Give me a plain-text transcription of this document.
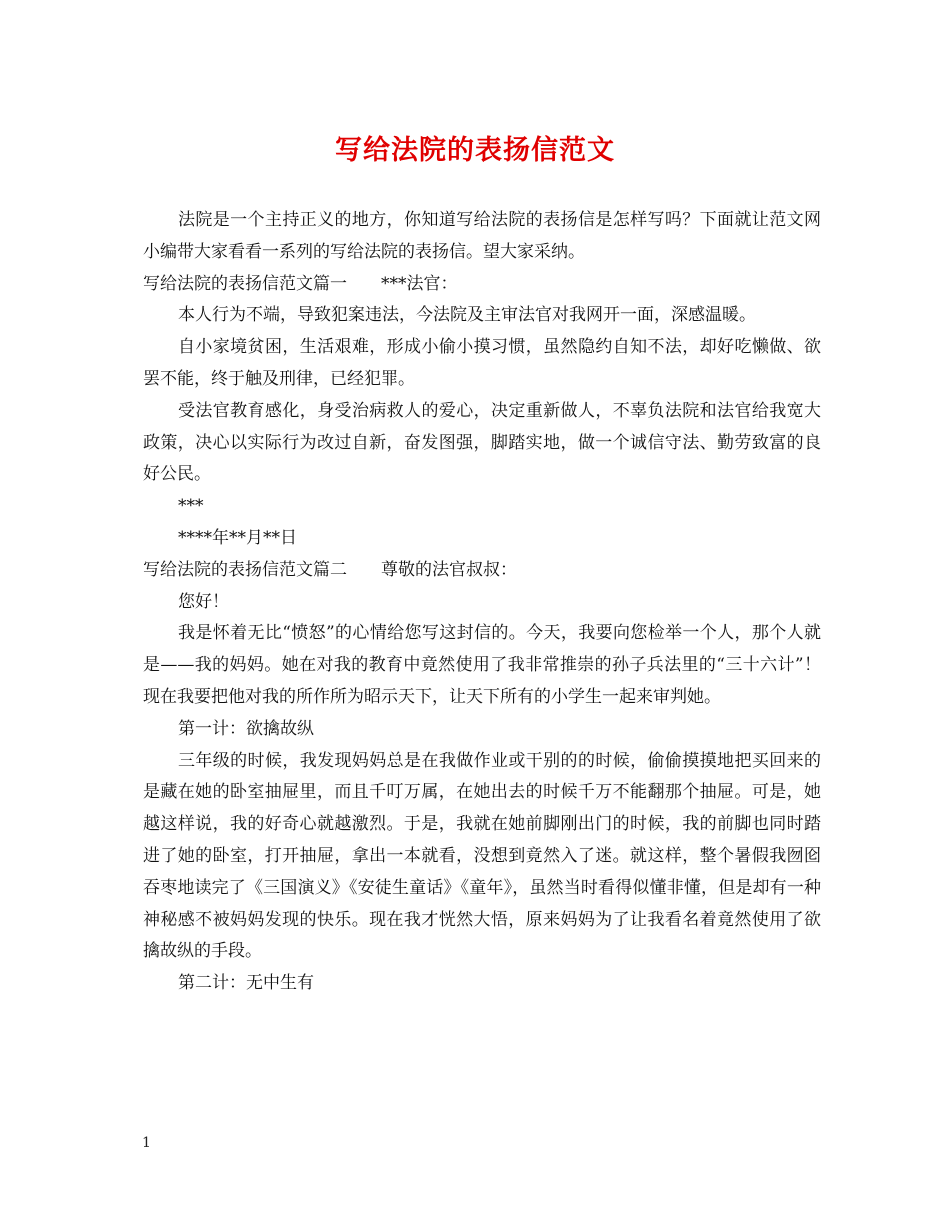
写给法院的表扬信范文

法院是一个主持正义的地方，你知道写给法院的表扬信是怎样写吗？下面就让范文网小编带大家看看一系列的写给法院的表扬信。望大家采纳。

写给法院的表扬信范文篇一　　***法官：

本人行为不端，导致犯案违法，今法院及主审法官对我网开一面，深感温暖。

自小家境贫困，生活艰难，形成小偷小摸习惯，虽然隐约自知不法，却好吃懒做、欲罢不能，终于触及刑律，已经犯罪。

受法官教育感化，身受治病救人的爱心，决定重新做人，不辜负法院和法官给我宽大政策，决心以实际行为改过自新，奋发图强，脚踏实地，做一个诚信守法、勤劳致富的良好公民。

***

****年**月**日

写给法院的表扬信范文篇二　　尊敬的法官叔叔：

您好！

我是怀着无比“愤怒”的心情给您写这封信的。今天，我要向您检举一个人，那个人就是——我的妈妈。她在对我的教育中竟然使用了我非常推崇的孙子兵法里的“三十六计”！现在我要把他对我的所作所为昭示天下，让天下所有的小学生一起来审判她。

第一计：欲擒故纵

三年级的时候，我发现妈妈总是在我做作业或干别的的时候，偷偷摸摸地把买回来的是藏在她的卧室抽屉里，而且千叮万属，在她出去的时候千万不能翻那个抽屉。可是，她越这样说，我的好奇心就越激烈。于是，我就在她前脚刚出门的时候，我的前脚也同时踏进了她的卧室，打开抽屉，拿出一本就看，没想到竟然入了迷。就这样，整个暑假我囫囵吞枣地读完了《三国演义》《安徒生童话》《童年》，虽然当时看得似懂非懂，但是却有一种神秘感不被妈妈发现的快乐。现在我才恍然大悟，原来妈妈为了让我看名着竟然使用了欲擒故纵的手段。

第二计：无中生有

1
